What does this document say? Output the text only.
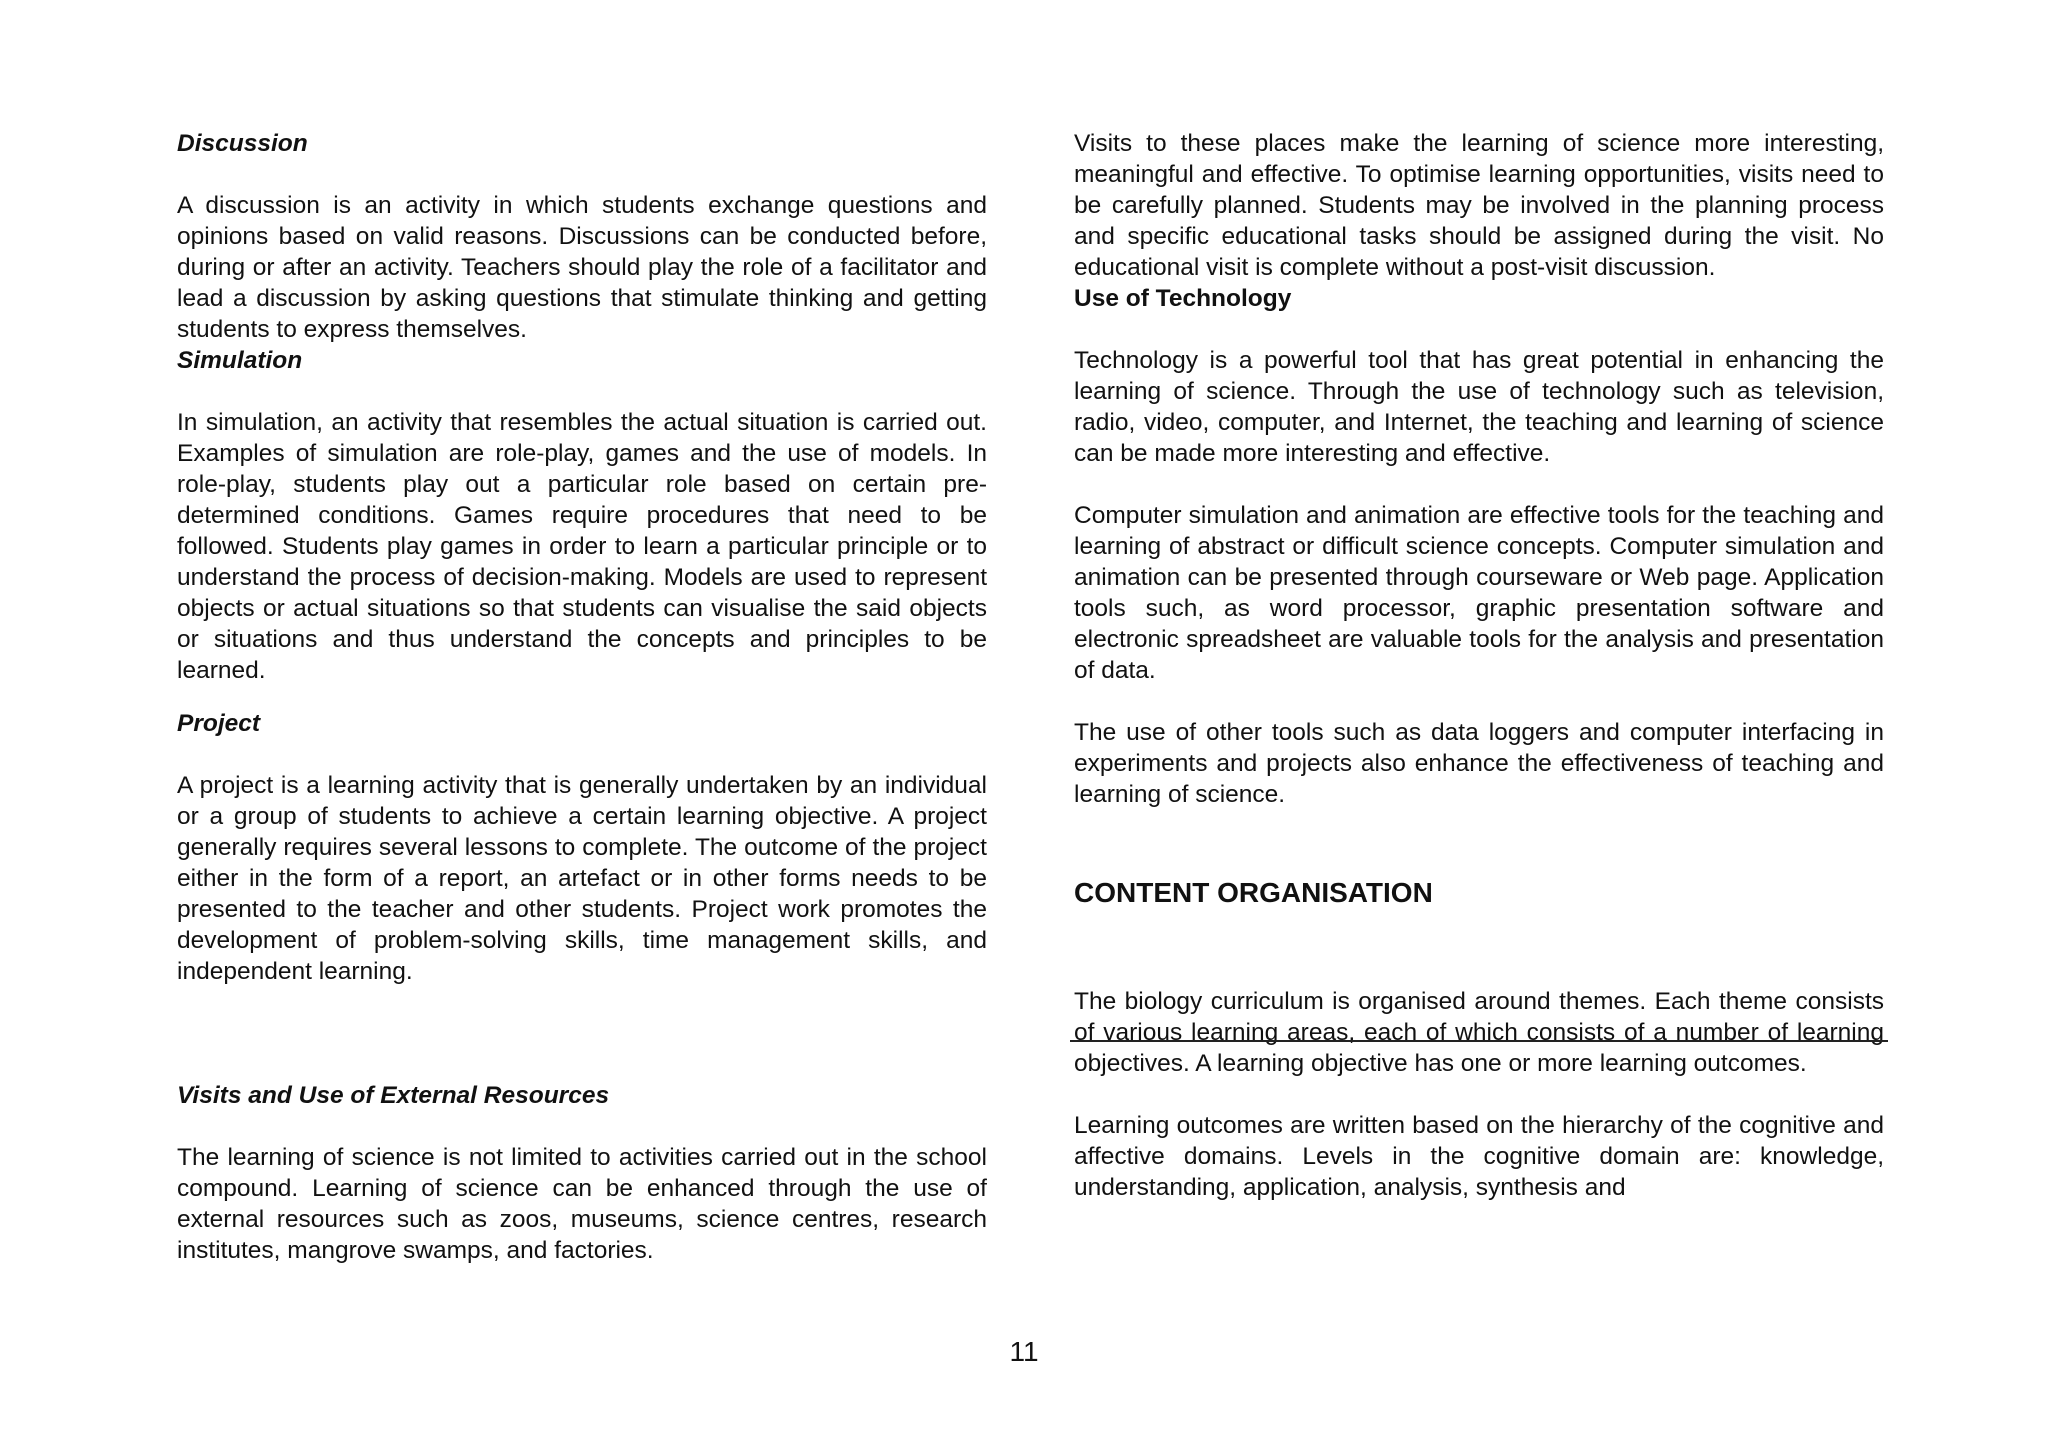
Discussion

A discussion is an activity in which students exchange questions and opinions based on valid reasons. Discussions can be conducted before, during or after an activity. Teachers should play the role of a facilitator and lead a discussion by asking questions that stimulate thinking and getting students to express themselves.

Simulation

In simulation, an activity that resembles the actual situation is carried out. Examples of simulation are role-play, games and the use of models. In role-play, students play out a particular role based on certain pre-determined conditions. Games require procedures that need to be followed. Students play games in order to learn a particular principle or to understand the process of decision-making. Models are used to represent objects or actual situations so that students can visualise the said objects or situations and thus understand the concepts and principles to be learned.

Project

A project is a learning activity that is generally undertaken by an individual or a group of students to achieve a certain learning objective. A project generally requires several lessons to complete. The outcome of the project either in the form of a report, an artefact or in other forms needs to be presented to the teacher and other students. Project work promotes the development of problem-solving skills, time management skills, and independent learning.

Visits and Use of External Resources

The learning of science is not limited to activities carried out in the school compound. Learning of science can be enhanced through the use of external resources such as zoos, museums, science centres, research institutes, mangrove swamps, and factories.

Visits to these places make the learning of science more interesting, meaningful and effective. To optimise learning opportunities, visits need to be carefully planned. Students may be involved in the planning process and specific educational tasks should be assigned during the visit. No educational visit is complete without a post-visit discussion.

Use of Technology

Technology is a powerful tool that has great potential in enhancing the learning of science. Through the use of technology such as television, radio, video, computer, and Internet, the teaching and learning of science can be made more interesting and effective.

Computer simulation and animation are effective tools for the teaching and learning of abstract or difficult science concepts. Computer simulation and animation can be presented through courseware or Web page. Application tools such, as word processor, graphic presentation software and electronic spreadsheet are valuable tools for the analysis and presentation of data.

The use of other tools such as data loggers and computer interfacing in experiments and projects also enhance the effectiveness of teaching and learning of science.

CONTENT ORGANISATION

The biology curriculum is organised around themes. Each theme consists of various learning areas, each of which consists of a number of learning objectives. A learning objective has one or more learning outcomes.

Learning outcomes are written based on the hierarchy of the cognitive and affective domains. Levels in the cognitive domain are: knowledge, understanding, application, analysis, synthesis and

11
